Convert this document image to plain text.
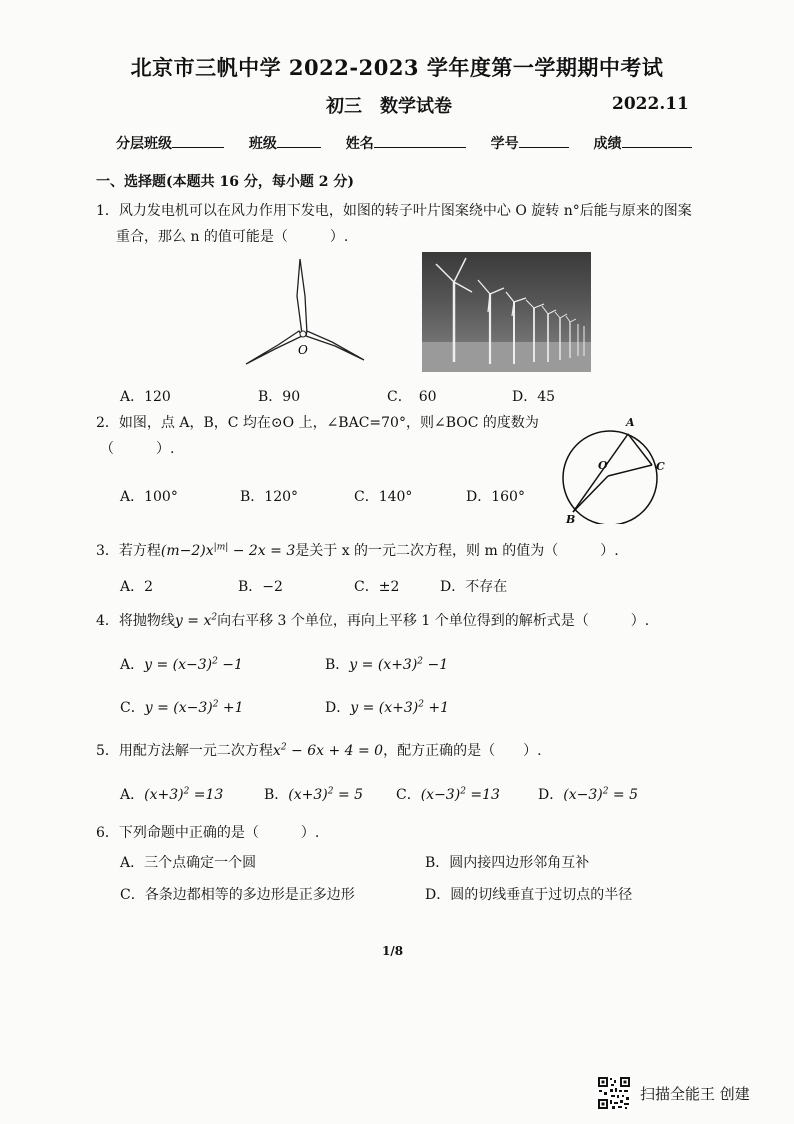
北京市三帆中学 2022-2023 学年度第一学期期中考试
初三　数学试卷	2022.11
分层班级	班级	姓名	学号	成绩
一、选择题(本题共 16 分，每小题 2 分)
1．风力发电机可以在风力作用下发电，如图的转子叶片图案绕中心 O 旋转 n°后能与原来的图案
重合，那么 n 的值可能是（　　　）.
O
A．120	B．90	C．　60	D．45
2．如图，点 A，B，C 均在⊙O 上，∠BAC=70°，则∠BOC 的度数为
（　　　）.
A
B
C
O
A．100°	B．120°	C．140°	D．160°
3．若方程$(m-2)x^{|m|} - 2x = 3$是关于 x 的一元二次方程，则 m 的值为（　　　）.
A．2	B．−2	C．±2	D．不存在
4．将抛物线$y = x^2$向右平移 3 个单位，再向上平移 1 个单位得到的解析式是（　　　）.
A．$y = (x-3)^2 -1$	B．$y = (x+3)^2 -1$
C．$y = (x-3)^2 +1$	D．$y = (x+3)^2 +1$
5．用配方法解一元二次方程$x^2 - 6x + 4 = 0$，配方正确的是（　　）.
A．$(x+3)^2 =13$	B．$(x+3)^2 = 5$ C．$(x-3)^2 =13$	D．$(x-3)^2 = 5$
6．下列命题中正确的是（　　　）.
A．三个点确定一个圆	B．圆内接四边形邻角互补
C．各条边都相等的多边形是正多边形	D．圆的切线垂直于过切点的半径
1/8
扫描全能王 创建
